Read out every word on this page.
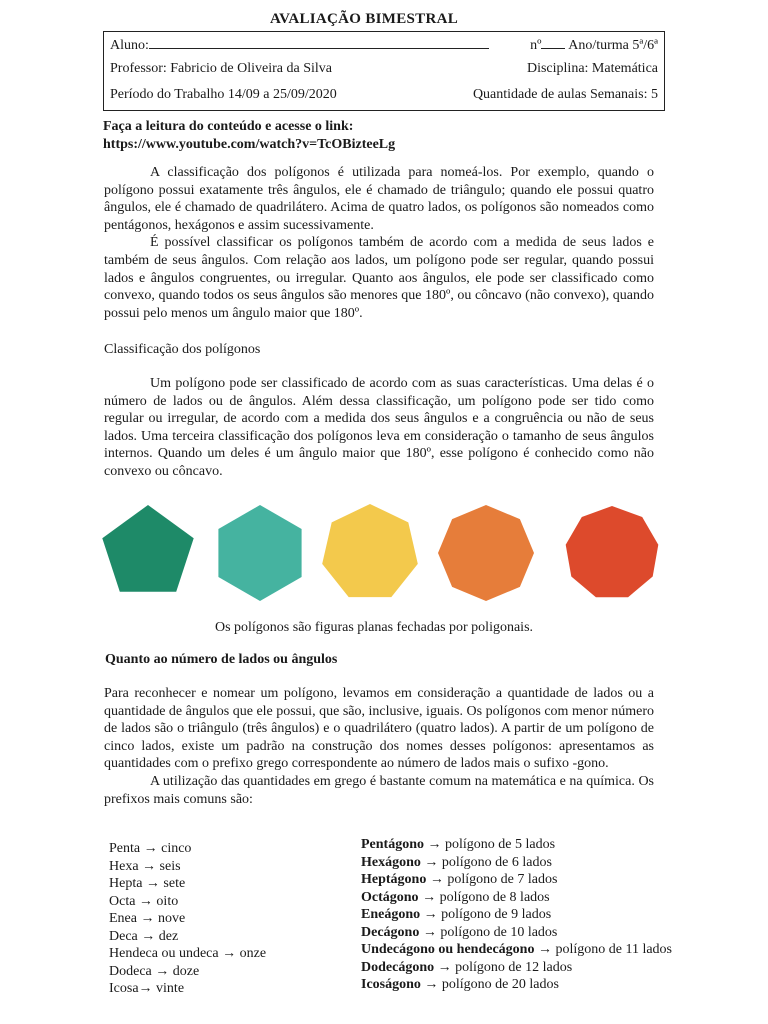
AVALIAÇÃO BIMESTRAL
Aluno:	nº Ano/turma 5ª/6ª
Professor: Fabricio de Oliveira da Silva	Disciplina: Matemática
Período do Trabalho 14/09 a 25/09/2020	Quantidade de aulas Semanais: 5
Faça a leitura do conteúdo e acesse o link:
https://www.youtube.com/watch?v=TcOBizteeLg

A classificação dos polígonos é utilizada para nomeá-los. Por exemplo, quando o polígono possui exatamente três ângulos, ele é chamado de triângulo; quando ele possui quatro ângulos, ele é chamado de quadrilátero. Acima de quatro lados, os polígonos são nomeados como pentágonos, hexágonos e assim sucessivamente.

É possível classificar os polígonos também de acordo com a medida de seus lados e também de seus ângulos. Com relação aos lados, um polígono pode ser regular, quando possui lados e ângulos congruentes, ou irregular. Quanto aos ângulos, ele pode ser classificado como convexo, quando todos os seus ângulos são menores que 180º, ou côncavo (não convexo), quando possui pelo menos um ângulo maior que 180º.

Classificação dos polígonos

Um polígono pode ser classificado de acordo com as suas características. Uma delas é o número de lados ou de ângulos. Além dessa classificação, um polígono pode ser tido como regular ou irregular, de acordo com a medida dos seus ângulos e a congruência ou não de seus lados. Uma terceira classificação dos polígonos leva em consideração o tamanho de seus ângulos internos. Quando um deles é um ângulo maior que 180º, esse polígono é conhecido como não convexo ou côncavo.

Os polígonos são figuras planas fechadas por poligonais.
Quanto ao número de lados ou ângulos

Para reconhecer e nomear um polígono, levamos em consideração a quantidade de lados ou a quantidade de ângulos que ele possui, que são, inclusive, iguais. Os polígonos com menor número de lados são o triângulo (três ângulos) e o quadrilátero (quatro lados). A partir de um polígono de cinco lados, existe um padrão na construção dos nomes desses polígonos: apresentamos as quantidades com o prefixo grego correspondente ao número de lados mais o sufixo -gono.

A utilização das quantidades em grego é bastante comum na matemática e na química. Os prefixos mais comuns são:

Penta → cinco
Hexa → seis
Hepta → sete
Octa → oito
Enea → nove
Deca → dez
Hendeca ou undeca → onze
Dodeca → doze
Icosa→ vinte
Pentágono → polígono de 5 lados
Hexágono → polígono de 6 lados
Heptágono → polígono de 7 lados
Octágono → polígono de 8 lados
Eneágono → polígono de 9 lados
Decágono → polígono de 10 lados
Undecágono ou hendecágono → polígono de 11 lados
Dodecágono → polígono de 12 lados
Icoságono → polígono de 20 lados
